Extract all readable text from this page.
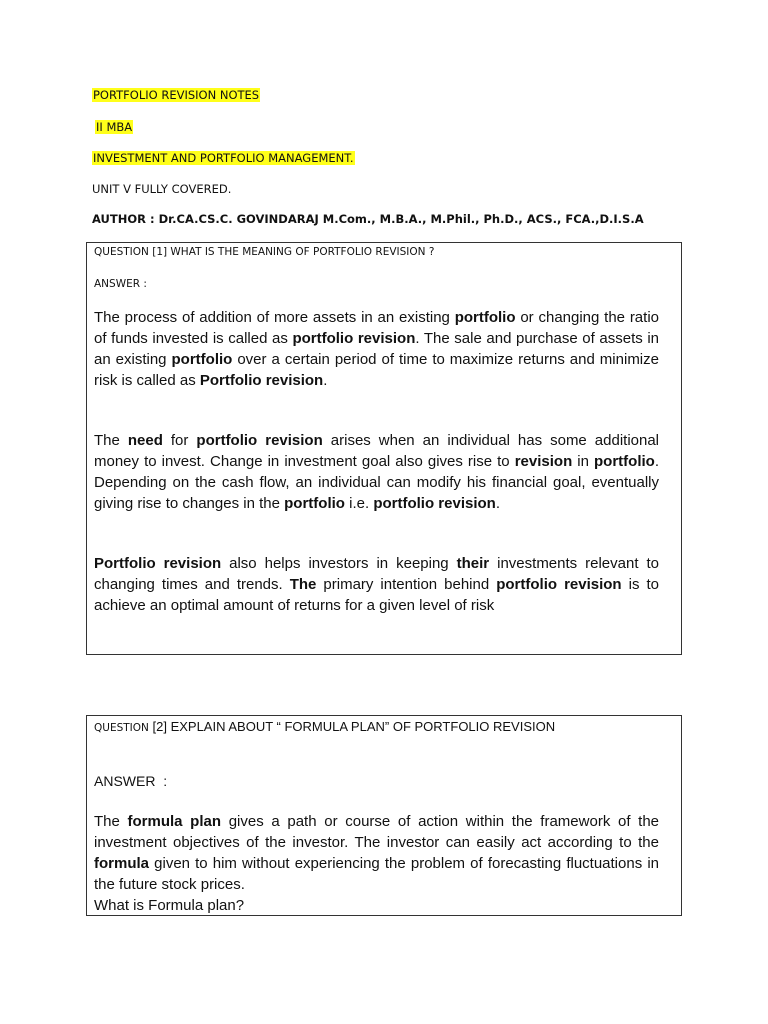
PORTFOLIO REVISION NOTES
II MBA
INVESTMENT AND PORTFOLIO MANAGEMENT.
UNIT V FULLY COVERED.
AUTHOR : Dr.CA.CS.C. GOVINDARAJ M.Com., M.B.A., M.Phil., Ph.D., ACS., FCA.,D.I.S.A
QUESTION [1] WHAT IS THE MEANING OF PORTFOLIO REVISION ?
ANSWER :

The process of addition of more assets in an existing portfolio or changing the ratio of funds invested is called as portfolio revision. The sale and purchase of assets in an existing portfolio over a certain period of time to maximize returns and minimize risk is called as Portfolio revision.

The need for portfolio revision arises when an individual has some additional money to invest. Change in investment goal also gives rise to revision in portfolio. Depending on the cash flow, an individual can modify his financial goal, eventually giving rise to changes in the portfolio i.e. portfolio revision.

Portfolio revision also helps investors in keeping their investments relevant to changing times and trends. The primary intention behind portfolio revision is to achieve an optimal amount of returns for a given level of risk

QUESTION [2] EXPLAIN ABOUT “ FORMULA PLAN” OF PORTFOLIO REVISION
ANSWER  :

The formula plan gives a path or course of action within the framework of the investment objectives of the investor. The investor can easily act according to the formula given to him without experiencing the problem of forecasting fluctuations in the future stock prices.

What is Formula plan?
